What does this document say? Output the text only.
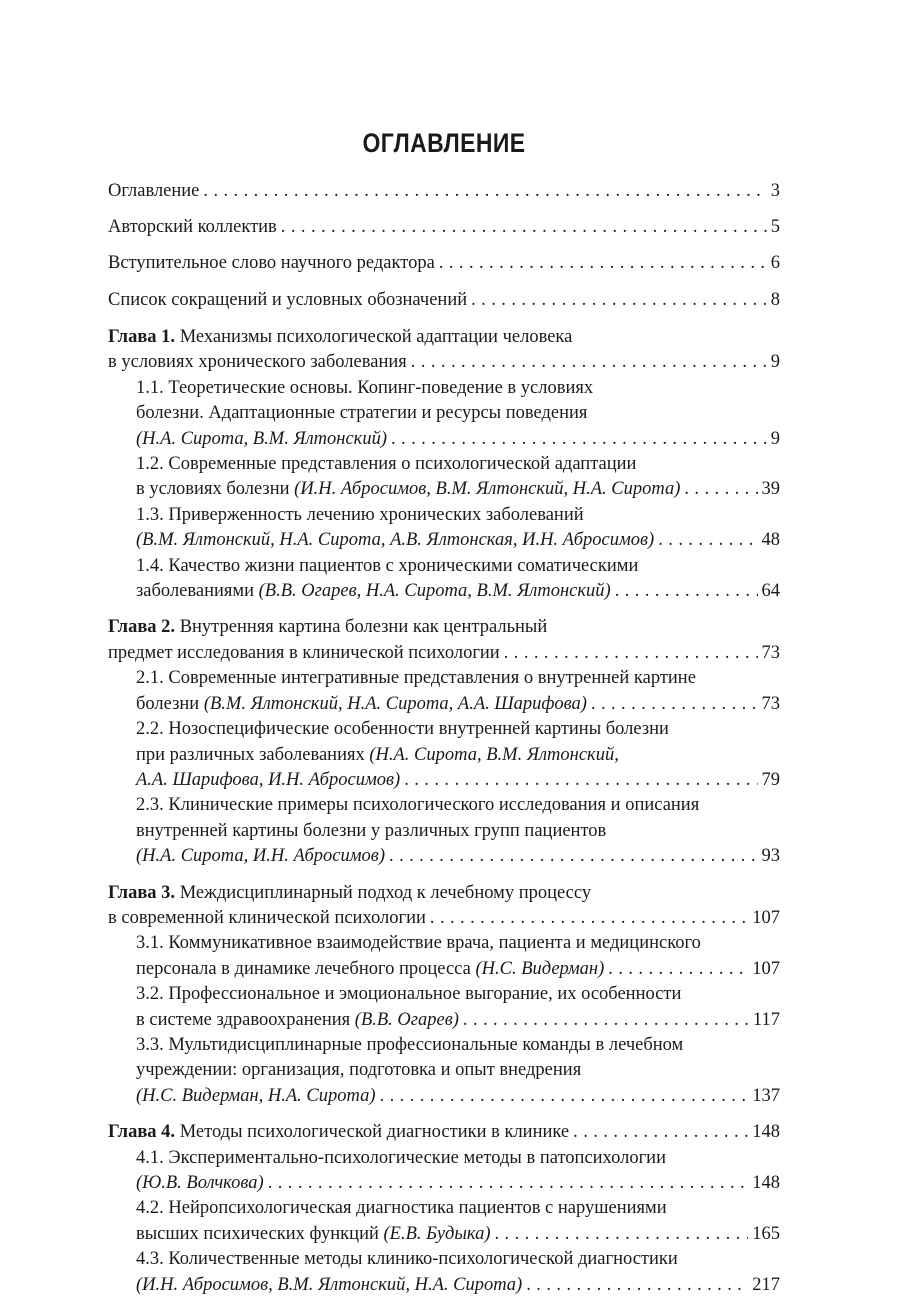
ОГЛАВЛЕНИЕ
Оглавление . . .	3
Авторский коллектив . . .	5
Вступительное слово научного редактора . . .	6
Список сокращений и условных обозначений . . .	8
Глава 1. Механизмы психологической адаптации человека
в условиях хронического заболевания . . .	9
1.1. Теоретические основы. Копинг-поведение в условиях
болезни. Адаптационные стратегии и ресурсы поведения
(Н.А. Сирота, В.М. Ялтонский) . . .	9
1.2. Современные представления о психологической адаптации
в условиях болезни (И.Н. Абросимов, В.М. Ялтонский, Н.А. Сирота) . . .	39
1.3. Приверженность лечению хронических заболеваний
(В.М. Ялтонский, Н.А. Сирота, А.В. Ялтонская, И.Н. Абросимов) . . .	48
1.4. Качество жизни пациентов с хроническими соматическими
заболеваниями (В.В. Огарев, Н.А. Сирота, В.М. Ялтонский) . . .	64
Глава 2. Внутренняя картина болезни как центральный
предмет исследования в клинической психологии . . .	73
2.1. Современные интегративные представления о внутренней картине
болезни (В.М. Ялтонский, Н.А. Сирота, А.А. Шарифова) . . .	73
2.2. Нозоспецифические особенности внутренней картины болезни
при различных заболеваниях (Н.А. Сирота, В.М. Ялтонский,
А.А. Шарифова, И.Н. Абросимов) . . .	79
2.3. Клинические примеры психологического исследования и описания
внутренней картины болезни у различных групп пациентов
(Н.А. Сирота, И.Н. Абросимов) . . .	93
Глава 3. Междисциплинарный подход к лечебному процессу
в современной клинической психологии . . .	107
3.1. Коммуникативное взаимодействие врача, пациента и медицинского
персонала в динамике лечебного процесса (Н.С. Видерман) . . .	107
3.2. Профессиональное и эмоциональное выгорание, их особенности
в системе здравоохранения (В.В. Огарев) . . .	117
3.3. Мультидисциплинарные профессиональные команды в лечебном
учреждении: организация, подготовка и опыт внедрения
(Н.С. Видерман, Н.А. Сирота) . . .	137
Глава 4. Методы психологической диагностики в клинике . . .	148
4.1. Экспериментально-психологические методы в патопсихологии
(Ю.В. Волчкова) . . .	148
4.2. Нейропсихологическая диагностика пациентов с нарушениями
высших психических функций (Е.В. Будыка) . . .	165
4.3. Количественные методы клинико-психологической диагностики
(И.Н. Абросимов, В.М. Ялтонский, Н.А. Сирота) . . .	217
